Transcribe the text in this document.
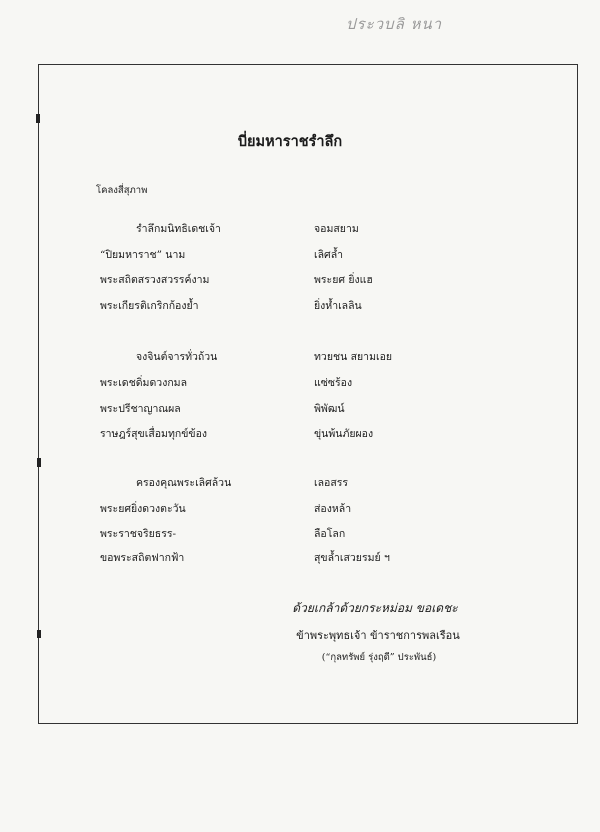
ประวบลิ หนา
บี่ยมหาราชรำลึก
โคลงสี่สุภาพ
รำลึกมนิทธิเดชเจ้า	จอมสยาม
“ปิยมหาราช” นาม	เลิศล้ำ
พระสถิตสรวงสวรรค์งาม	พระยศ ยิ่งแฮ
พระเกียรติเกริกก้องย้ำ	ยิ่งห้ำเลลิน
จงจินต์จารทั่วถ้วน	ทวยชน สยามเอย
พระเดชดิ่มดวงกมล	แซ่ซร้อง
พระปรีชาญาณผล	พิพัฒน์
ราษฎร์สุขเสื่อมทุกข์ข้อง	ขุ่นพ้นภัยผอง
ครองคุณพระเลิศล้วน	เลอสรร
พระยศยิ่งดวงตะวัน	ส่องหล้า
พระราชจริยธรร-	ลือโลก
ขอพระสถิตฟากฟ้า	สุขล้ำเสวยรมย์ ฯ
ด้วยเกล้าด้วยกระหม่อม ขอเดชะ
ข้าพระพุทธเจ้า ข้าราชการพลเรือน
(“กุลทรัพย์ รุ่งฤดี” ประพันธ์)
